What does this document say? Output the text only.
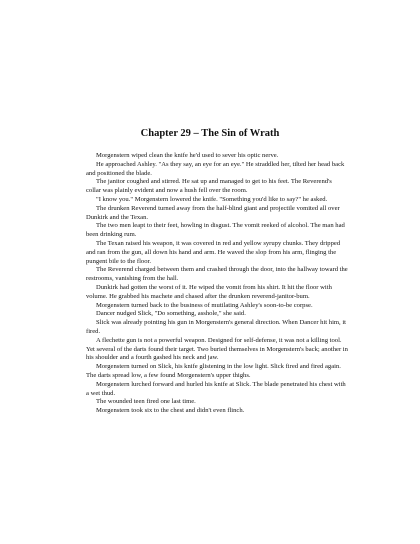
Chapter 29 – The Sin of Wrath

Morgenstern wiped clean the knife he'd used to sever his optic nerve.

He approached Ashley. "As they say, an eye for an eye." He straddled her, tilted her head back and positioned the blade.

The janitor coughed and stirred. He sat up and managed to get to his feet. The Reverend's collar was plainly evident and now a hush fell over the room.

"I know you." Morgenstern lowered the knife. "Something you'd like to say?" he asked.

The drunken Reverend turned away from the half-blind giant and projectile vomited all over Dunkirk and the Texan.

The two men leapt to their feet, howling in disgust. The vomit reeked of alcohol. The man had been drinking rum.

The Texan raised his weapon, it was covered in red and yellow syrupy chunks. They dripped and ran from the gun, all down his hand and arm. He waved the slop from his arm, flinging the pungent bile to the floor.

The Reverend charged between them and crashed through the door, into the hallway toward the restrooms, vanishing from the hall.

Dunkirk had gotten the worst of it. He wiped the vomit from his shirt. It hit the floor with volume. He grabbed his machete and chased after the drunken reverend-janitor-bum.

Morgenstern turned back to the business of mutilating Ashley's soon-to-be corpse.

Dancer nudged Slick, "Do something, asshole," she said.

Slick was already pointing his gun in Morgenstern's general direction. When Dancer hit him, it fired.

A flechette gun is not a powerful weapon. Designed for self-defense, it was not a killing tool. Yet several of the darts found their target. Two buried themselves in Morgenstern's back; another in his shoulder and a fourth gashed his neck and jaw.

Morgenstern turned on Slick, his knife glistening in the low light. Slick fired and fired again. The darts spread low, a few found Morgenstern's upper thighs.

Morgenstern lurched forward and hurled his knife at Slick. The blade penetrated his chest with a wet thud.

The wounded teen fired one last time.

Morgenstern took six to the chest and didn't even flinch.
